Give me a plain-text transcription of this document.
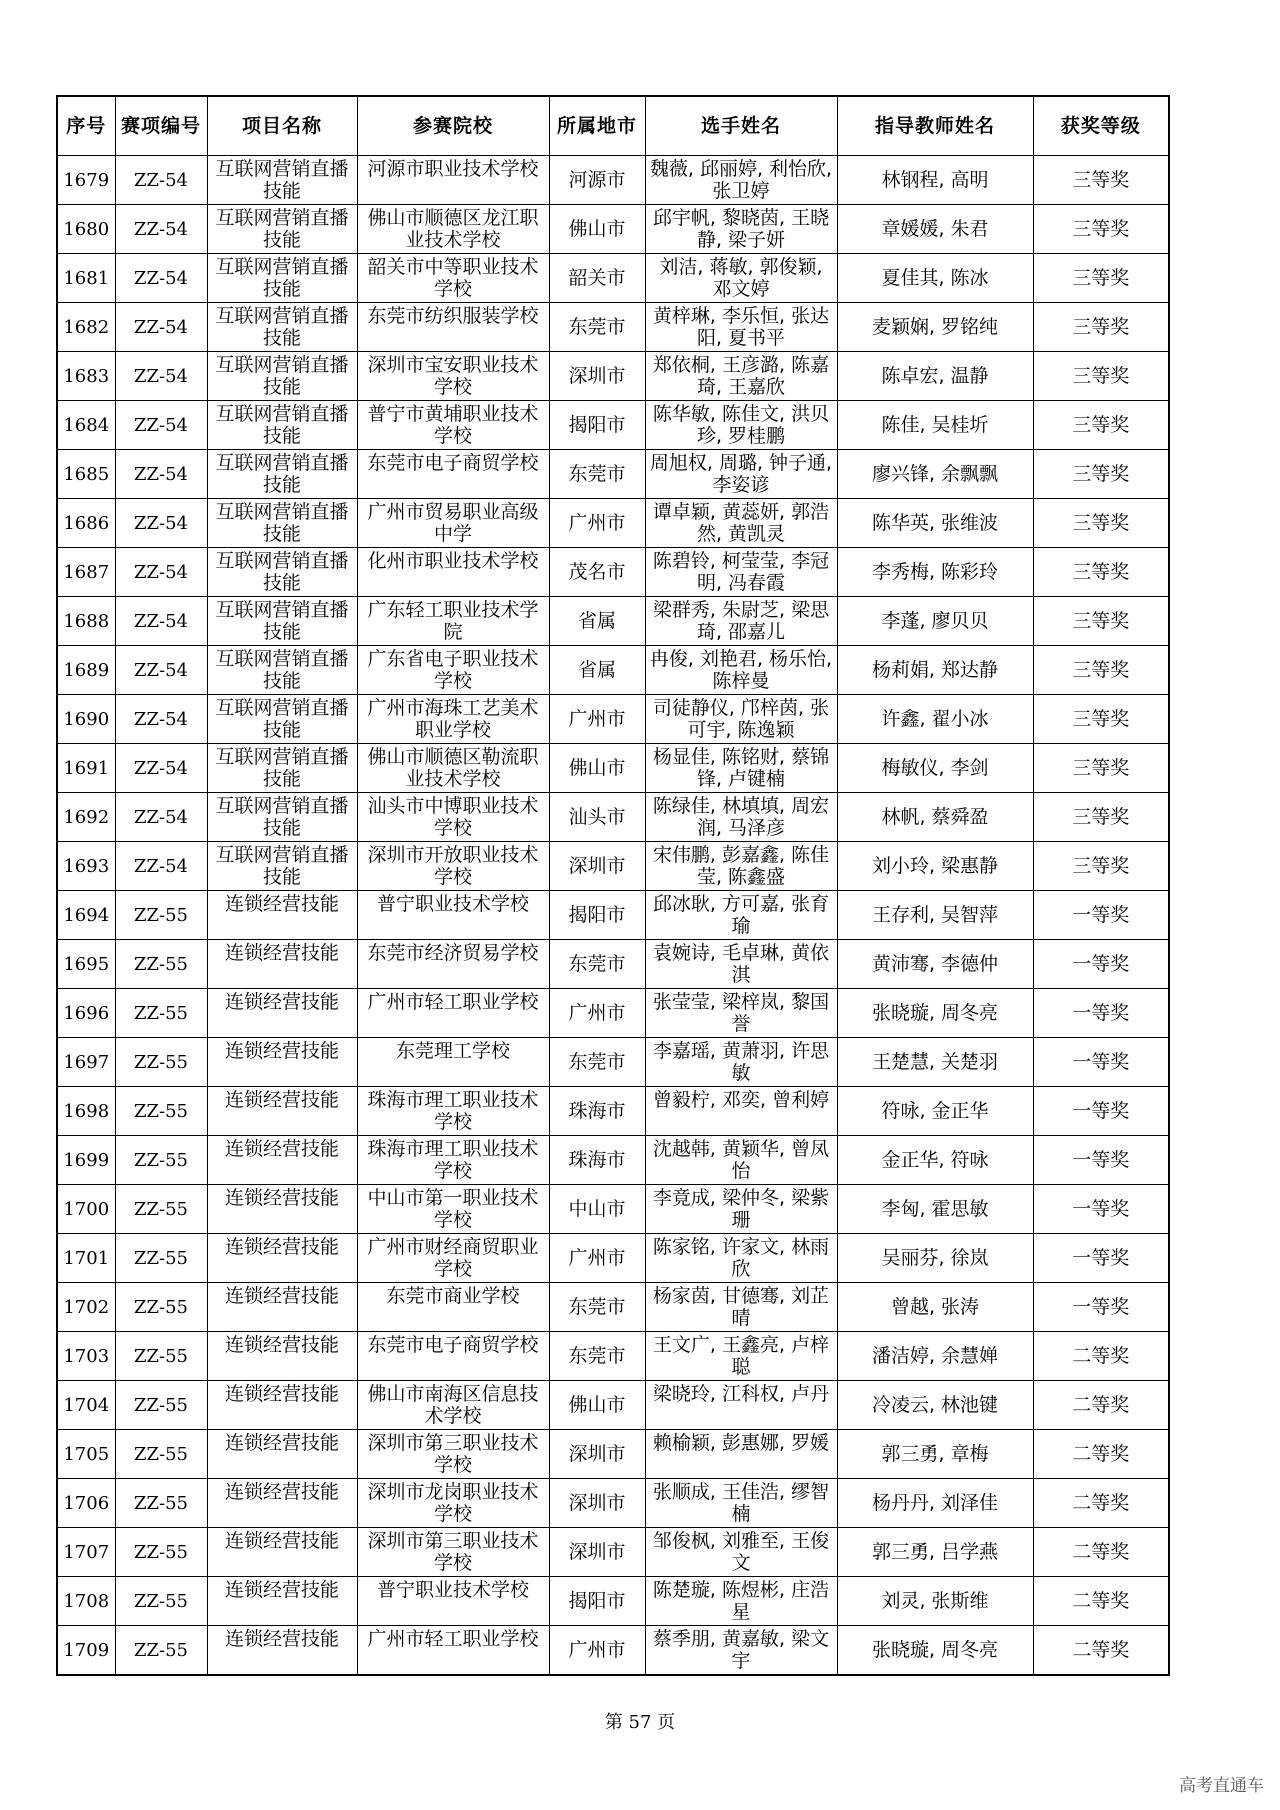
序号	赛项编号	项目名称	参赛院校	所属地市	选手姓名	指导教师姓名	获奖等级
1679	ZZ-54	互联网营销直播技能	河源市职业技术学校	河源市	魏薇, 邱丽婷, 利怡欣, 张卫婷	林钢程, 高明	三等奖
1680	ZZ-54	互联网营销直播技能	佛山市顺德区龙江职业技术学校	佛山市	邱宇帆, 黎晓茵, 王晓静, 梁子妍	章媛媛, 朱君	三等奖
1681	ZZ-54	互联网营销直播技能	韶关市中等职业技术学校	韶关市	刘洁, 蒋敏, 郭俊颖, 邓文婷	夏佳其, 陈冰	三等奖
1682	ZZ-54	互联网营销直播技能	东莞市纺织服装学校	东莞市	黄梓琳, 李乐恒, 张达阳, 夏书平	麦颖娴, 罗铭纯	三等奖
1683	ZZ-54	互联网营销直播技能	深圳市宝安职业技术学校	深圳市	郑依桐, 王彦潞, 陈嘉琦, 王嘉欣	陈卓宏, 温静	三等奖
1684	ZZ-54	互联网营销直播技能	普宁市黄埔职业技术学校	揭阳市	陈华敏, 陈佳文, 洪贝珍, 罗桂鹏	陈佳, 吴桂圻	三等奖
1685	ZZ-54	互联网营销直播技能	东莞市电子商贸学校	东莞市	周旭权, 周璐, 钟子通, 李姿谚	廖兴锋, 余飘飘	三等奖
1686	ZZ-54	互联网营销直播技能	广州市贸易职业高级中学	广州市	谭卓颖, 黄蕊妍, 郭浩然, 黄凯灵	陈华英, 张维波	三等奖
1687	ZZ-54	互联网营销直播技能	化州市职业技术学校	茂名市	陈碧铃, 柯莹莹, 李冠明, 冯春霞	李秀梅, 陈彩玲	三等奖
1688	ZZ-54	互联网营销直播技能	广东轻工职业技术学院	省属	梁群秀, 朱尉芝, 梁思琦, 邵嘉儿	李蓬, 廖贝贝	三等奖
1689	ZZ-54	互联网营销直播技能	广东省电子职业技术学校	省属	冉俊, 刘艳君, 杨乐怡, 陈梓曼	杨莉娟, 郑达静	三等奖
1690	ZZ-54	互联网营销直播技能	广州市海珠工艺美术职业学校	广州市	司徒静仪, 邝梓茵, 张可宇, 陈逸颖	许鑫, 翟小冰	三等奖
1691	ZZ-54	互联网营销直播技能	佛山市顺德区勒流职业技术学校	佛山市	杨显佳, 陈铭财, 蔡锦锋, 卢键楠	梅敏仪, 李剑	三等奖
1692	ZZ-54	互联网营销直播技能	汕头市中博职业技术学校	汕头市	陈绿佳, 林填填, 周宏润, 马泽彦	林帆, 蔡舜盈	三等奖
1693	ZZ-54	互联网营销直播技能	深圳市开放职业技术学校	深圳市	宋伟鹏, 彭嘉鑫, 陈佳莹, 陈鑫盛	刘小玲, 梁惠静	三等奖
1694	ZZ-55	连锁经营技能	普宁职业技术学校	揭阳市	邱冰耿, 方可嘉, 张育瑜	王存利, 吴智萍	一等奖
1695	ZZ-55	连锁经营技能	东莞市经济贸易学校	东莞市	袁婉诗, 毛卓琳, 黄依淇	黄沛骞, 李德仲	一等奖
1696	ZZ-55	连锁经营技能	广州市轻工职业学校	广州市	张莹莹, 梁梓岚, 黎国誉	张晓璇, 周冬亮	一等奖
1697	ZZ-55	连锁经营技能	东莞理工学校	东莞市	李嘉瑶, 黄萧羽, 许思敏	王楚慧, 关楚羽	一等奖
1698	ZZ-55	连锁经营技能	珠海市理工职业技术学校	珠海市	曾毅柠, 邓奕, 曾利婷	符咏, 金正华	一等奖
1699	ZZ-55	连锁经营技能	珠海市理工职业技术学校	珠海市	沈越韩, 黄颖华, 曾凤怡	金正华, 符咏	一等奖
1700	ZZ-55	连锁经营技能	中山市第一职业技术学校	中山市	李竟成, 梁仲冬, 梁紫珊	李匈, 霍思敏	一等奖
1701	ZZ-55	连锁经营技能	广州市财经商贸职业学校	广州市	陈家铭, 许家文, 林雨欣	吴丽芬, 徐岚	一等奖
1702	ZZ-55	连锁经营技能	东莞市商业学校	东莞市	杨家茵, 甘德骞, 刘芷晴	曾越, 张涛	一等奖
1703	ZZ-55	连锁经营技能	东莞市电子商贸学校	东莞市	王文广, 王鑫亮, 卢梓聪	潘洁婷, 余慧婵	二等奖
1704	ZZ-55	连锁经营技能	佛山市南海区信息技术学校	佛山市	梁晓玲, 江科权, 卢丹	冷凌云, 林池键	二等奖
1705	ZZ-55	连锁经营技能	深圳市第三职业技术学校	深圳市	赖榆颖, 彭惠娜, 罗媛	郭三勇, 章梅	二等奖
1706	ZZ-55	连锁经营技能	深圳市龙岗职业技术学校	深圳市	张顺成, 王佳浩, 缪智楠	杨丹丹, 刘泽佳	二等奖
1707	ZZ-55	连锁经营技能	深圳市第三职业技术学校	深圳市	邹俊枫, 刘雅至, 王俊文	郭三勇, 吕学燕	二等奖
1708	ZZ-55	连锁经营技能	普宁职业技术学校	揭阳市	陈楚璇, 陈煜彬, 庄浩星	刘灵, 张斯维	二等奖
1709	ZZ-55	连锁经营技能	广州市轻工职业学校	广州市	蔡季朋, 黄嘉敏, 梁文宇	张晓璇, 周冬亮	二等奖
第 57 页
高考直通车
